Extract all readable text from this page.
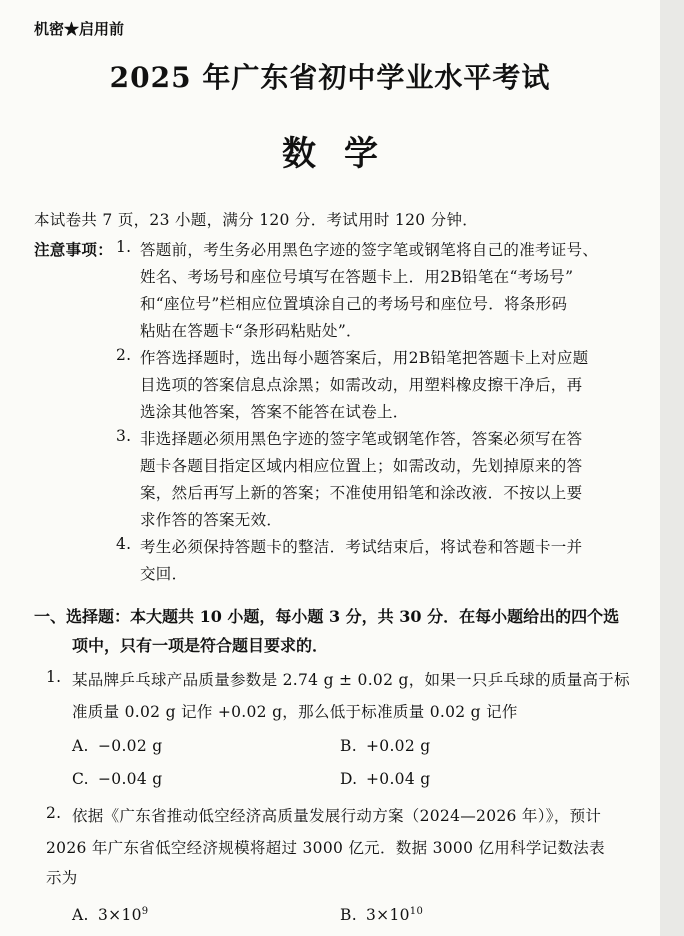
机密★启用前
2025 年广东省初中学业水平考试
数学
本试卷共 7 页，23 小题，满分 120 分．考试用时 120 分钟．
注意事项： 1. 答题前，考生务必用黑色字迹的签字笔或钢笔将自己的准考证号、
姓名、考场号和座位号填写在答题卡上．用2B铅笔在“考场号”
和“座位号”栏相应位置填涂自己的考场号和座位号．将条形码
粘贴在答题卡“条形码粘贴处”．
2. 作答选择题时，选出每小题答案后，用2B铅笔把答题卡上对应题
目选项的答案信息点涂黑；如需改动，用塑料橡皮擦干净后，再
选涂其他答案，答案不能答在试卷上．
3. 非选择题必须用黑色字迹的签字笔或钢笔作答，答案必须写在答
题卡各题目指定区域内相应位置上；如需改动，先划掉原来的答
案，然后再写上新的答案；不准使用铅笔和涂改液．不按以上要
求作答的答案无效．
4. 考生必须保持答题卡的整洁．考试结束后，将试卷和答题卡一并
交回．
一、选择题：本大题共 10 小题，每小题 3 分，共 30 分．在每小题给出的四个选
项中，只有一项是符合题目要求的．
1. 某品牌乒乓球产品质量参数是 2.74 g ± 0.02 g，如果一只乒乓球的质量高于标
准质量 0.02 g 记作 +0.02 g，那么低于标准质量 0.02 g 记作
A. −0.02 g	B. +0.02 g
C. −0.04 g	D. +0.04 g
2. 依据《广东省推动低空经济高质量发展行动方案（2024—2026 年）》，预计
2026 年广东省低空经济规模将超过 3000 亿元．数据 3000 亿用科学记数法表
示为
A. $3\times 10^9$	B. $3\times 10^{10}$
